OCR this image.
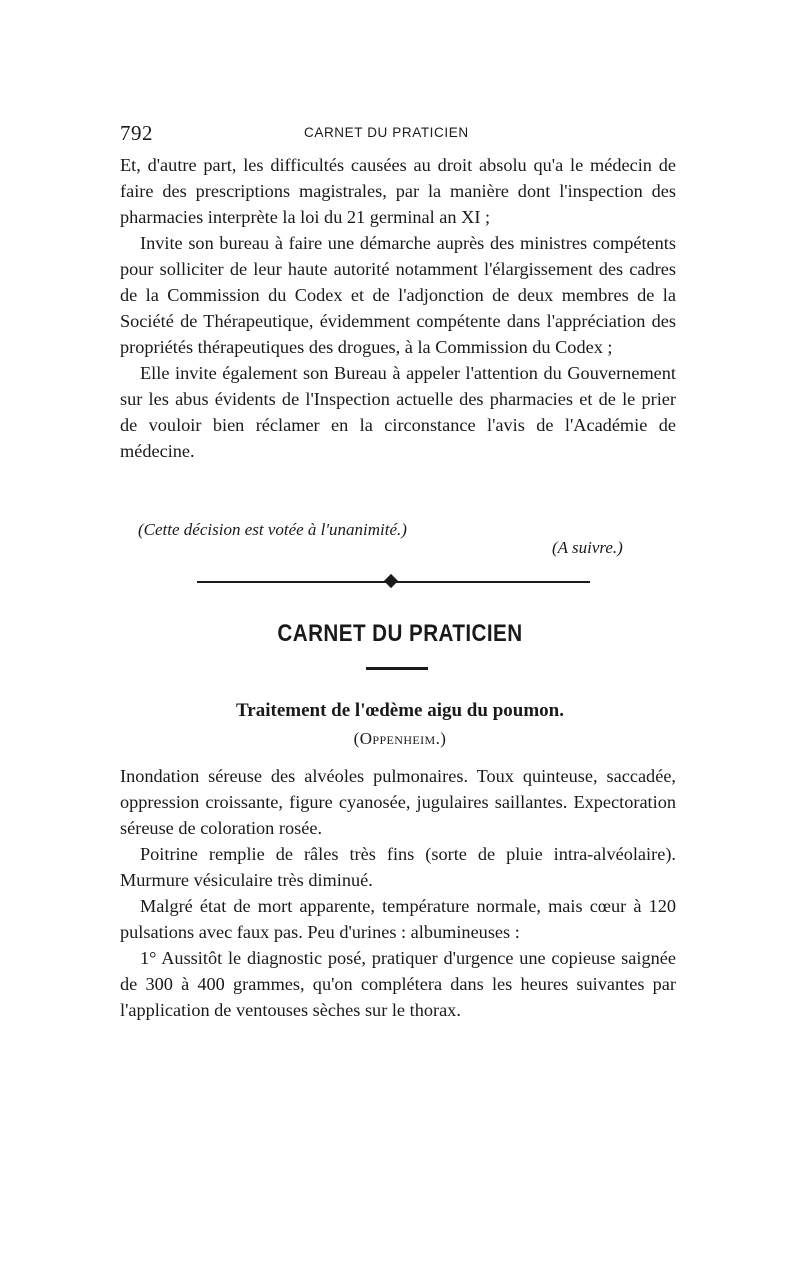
792	CARNET DU PRATICIEN

Et, d'autre part, les difficultés causées au droit absolu qu'a le médecin de faire des prescriptions magistrales, par la manière dont l'inspection des pharmacies interprète la loi du 21 germinal an XI ;

Invite son bureau à faire une démarche auprès des ministres compétents pour solliciter de leur haute autorité notamment l'élargissement des cadres de la Commission du Codex et de l'adjonction de deux membres de la Société de Thérapeutique, évidemment compétente dans l'appréciation des propriétés thérapeutiques des drogues, à la Commission du Codex ;

Elle invite également son Bureau à appeler l'attention du Gouvernement sur les abus évidents de l'Inspection actuelle des pharmacies et de le prier de vouloir bien réclamer en la circonstance l'avis de l'Académie de médecine.

(Cette décision est votée à l'unanimité.)
(A suivre.)
CARNET DU PRATICIEN
Traitement de l'œdème aigu du poumon.
(Oppenheim.)

Inondation séreuse des alvéoles pulmonaires. Toux quinteuse, saccadée, oppression croissante, figure cyanosée, jugulaires saillantes. Expectoration séreuse de coloration rosée.

Poitrine remplie de râles très fins (sorte de pluie intra-alvéolaire). Murmure vésiculaire très diminué.

Malgré état de mort apparente, température normale, mais cœur à 120 pulsations avec faux pas. Peu d'urines : albumineuses :

1° Aussitôt le diagnostic posé, pratiquer d'urgence une copieuse saignée de 300 à 400 grammes, qu'on complétera dans les heures suivantes par l'application de ventouses sèches sur le thorax.
